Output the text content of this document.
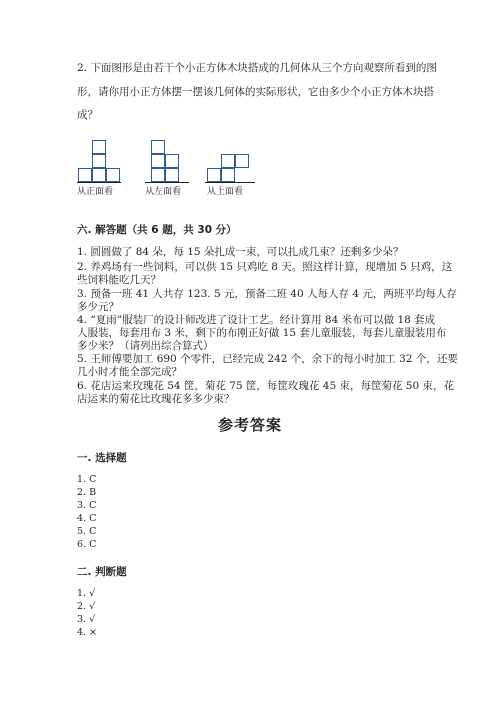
2. 下面图形是由若干个小正方体木块搭成的几何体从三个方向观察所看到的图
形，请你用小正方体摆一摆该几何体的实际形状，它由多少个小正方体木块搭
成？
从正面看	从左面看	从上面看
六. 解答题（共 6 题，共 30 分）
1. 圆圆做了 84 朵，每 15 朵扎成一束，可以扎成几束？还剩多少朵？
2. 养鸡场有一些饲料，可以供 15 只鸡吃 8 天。照这样计算，现增加 5 只鸡，这
些饲料能吃几天？
3. 预备一班 41 人共存 123. 5 元，预备二班 40 人每人存 4 元，两班平均每人存
多少元？
4. “夏雨”服装厂的设计师改进了设计工艺。经计算用 84 米布可以做 18 套成
人服装，每套用布 3 米，剩下的布刚正好做 15 套儿童服装，每套儿童服装用布
多少米？（请列出综合算式）
5. 王师傅要加工 690 个零件，已经完成 242 个，余下的每小时加工 32 个，还要
几小时才能全部完成？
6. 花店运来玫瑰花 54 筐，菊花 75 筐，每筐玫瑰花 45 束，每筐菊花 50 束，花
店运来的菊花比玫瑰花多多少束？
参考答案
一. 选择题
1. C
2. B
3. C
4. C
5. C
6. C
二. 判断题
1. √
2. √
3. √
4. ×
